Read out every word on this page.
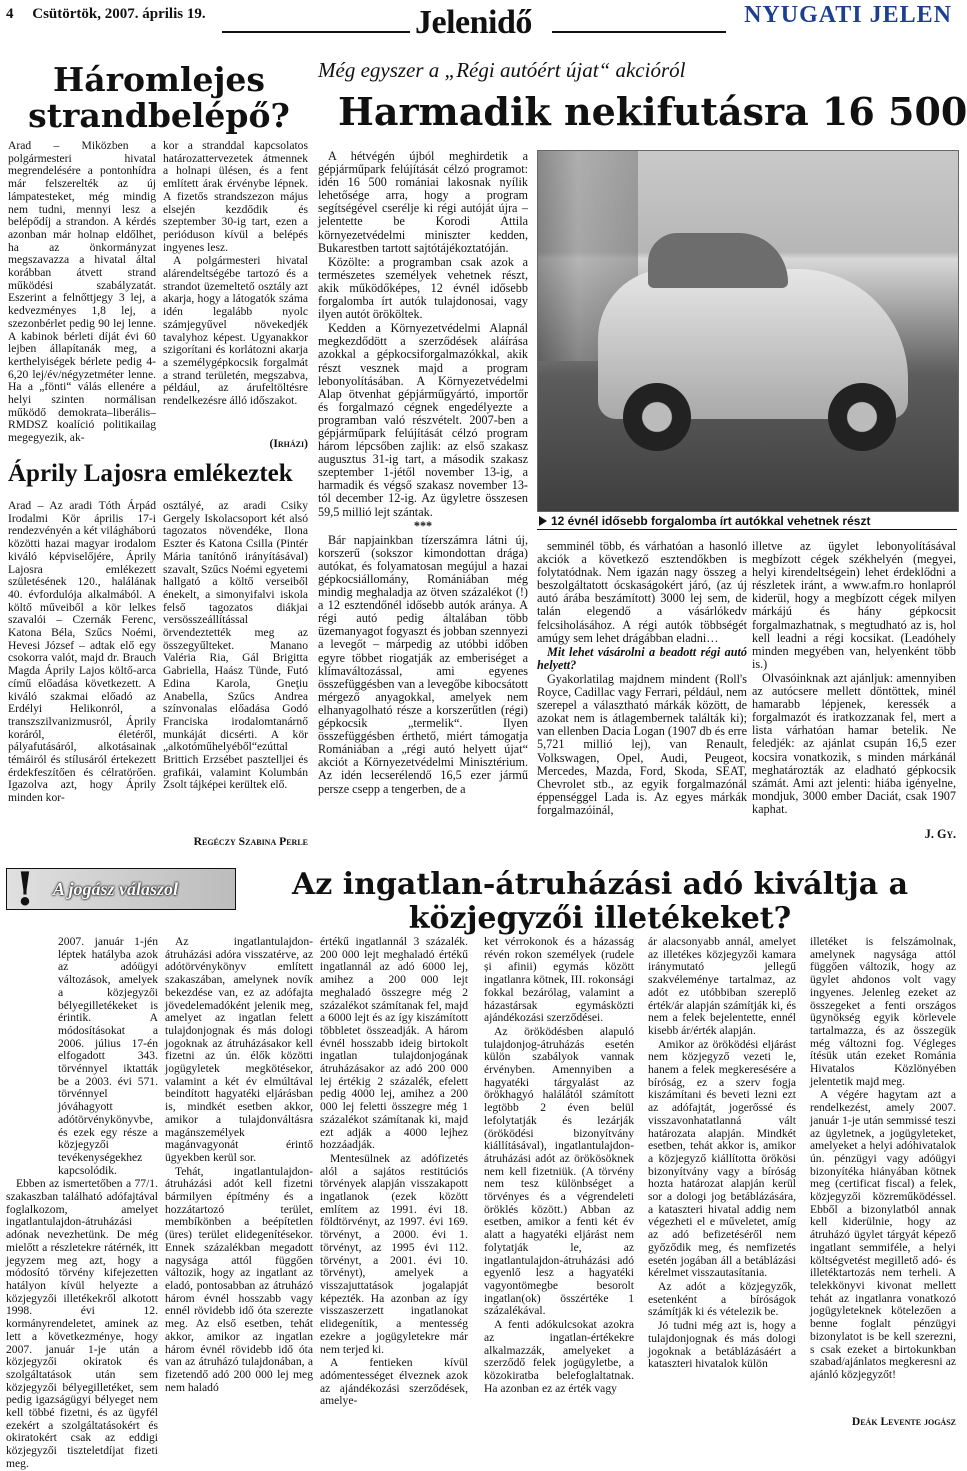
4 Csütörtök, 2007. április 19.	Jelenidő	NYUGATI JELEN
Háromlejes strandbelépő?

Arad – Miközben a polgármesteri hivatal megrendelésére a pontonhídra már felszerelték az új lámpatesteket, még mindig nem tudni, mennyi lesz a belépődíj a strandon. A kérdés azonban már holnap eldőlhet, ha az önkormányzat megszavazza a hivatal által korábban átvett strand működési szabályzatát. Eszerint a felnőttjegy 3 lej, a kedvezményes 1,8 lej, a szezonbérlet pedig 90 lej lenne. A kabinok bérleti díját évi 60 lejben állapítanák meg, a kerthelyiségek bérlete pedig 4-6,20 lej/év/négyzetméter lenne. Ha a „fönti“ válás ellenére a helyi szinten normálisan működő demokrata–liberális–RMDSZ koalíció politikailag megegyezik, ak-

kor a stranddal kapcsolatos határozattervezetek átmennek a holnapi ülésen, és a fent említett árak érvénybe lépnek. A fizetős strandszezon május elsején kezdődik és szeptember 30-ig tart, ezen a perióduson kívül a belépés ingyenes lesz.

A polgármesteri hivatal alárendeltségébe tartozó és a strandot üzemeltető osztály azt akarja, hogy a látogatók száma idén legalább nyolc számjegyűvel növekedjék tavalyhoz képest. Ugyanakkor szigorítani és korlátozni akarja a személygépkocsik forgalmát a strand területén, megszabva, például, az árufeltöltésre rendelkezésre álló időszakot.

(Irházi)

Áprily Lajosra emlékeztek

Arad – Az aradi Tóth Árpád Irodalmi Kör április 17-i rendezvényén a két világháború közötti hazai magyar irodalom kiváló képviselőjére, Áprily Lajosra emlékezett születésének 120., halálának 40. évfordulója alkalmából. A költő műveiből a kör lelkes szavalói – Czernák Ferenc, Katona Béla, Szűcs Noémi, Hevesi József – adtak elő egy csokorra valót, majd dr. Brauch Magda Áprily Lajos költő-arca című előadása következett. A kiváló szakmai előadó az Erdélyi Helikonról, a transzszilvanizmusról, Áprily koráról, életéről, pályafutásáról, alkotásainak témáiról és stílusáról értekezett érdekfeszítően és célratörően. Igazolva azt, hogy Áprily minden kor-

osztályé, az aradi Csiky Gergely Iskolacsoport két alsó tagozatos növendéke, Ilona Eszter és Katona Csilla (Pintér Mária tanítónő irányításával) szavalt, Szűcs Noémi egyetemi hallgató a költő verseiből énekelt, a simonyifalvi iskola felső tagozatos diákjai versösszeállítással örvendeztették meg az összegyűlteket. Manano Valéria Ria, Gál Brigitta Gabriella, Haász Tünde, Futó Edina Karola, Gneţiu Anabella, Szűcs Andrea színvonalas előadása Godó Franciska irodalomtanárnő munkáját dicsérti. A kör „alkotóműhelyéből“ezúttal Brittich Erzsébet pasztelljei és grafikái, valamint Kolumbán Zsolt tájképei kerültek elő.

Regéczy Szabina Perle

Még egyszer a „Régi autóért újat“ akcióról
Harmadik nekifutásra 16 500

A hétvégén újból meghirdetik a gépjárműpark felújítását célzó programot: idén 16 500 romániai lakosnak nyílik lehetősége arra, hogy a program segítségével cserélje ki régi autóját újra – jelentette be Korodi Attila környezetvédelmi miniszter kedden, Bukarestben tartott sajtótájékoztatóján.

Közölte: a programban csak azok a természetes személyek vehetnek részt, akik működőképes, 12 évnél idősebb forgalomba írt autók tulajdonosai, vagy ilyen autót örököltek.

Kedden a Környezetvédelmi Alapnál megkezdődött a szerződések aláírása azokkal a gépkocsiforgalmazókkal, akik részt vesznek majd a program lebonyolításában. A Környezetvédelmi Alap ötvenhat gépjárműgyártó, importőr és forgalmazó cégnek engedélyezte a programban való részvételt. 2007-ben a gépjárműpark felújítását célzó program három lépcsőben zajlik: az első szakasz augusztus 31-ig tart, a második szakasz szeptember 1-jétől november 13-ig, a harmadik és végső szakasz november 13-tól december 12-ig. Az ügyletre összesen 59,5 millió lejt szántak.

***

Bár napjainkban tízerszámra látni új, korszerű (sokszor kimondottan drága) autókat, és folyamatosan megújul a hazai gépkocsiállomány, Romániában még mindig meghaladja az ötven százalékot (!) a 12 esztendőnél idősebb autók aránya. A régi autó pedig általában több üzemanyagot fogyaszt és jobban szennyezi a levegőt – márpedig az utóbbi időben egyre többet riogatják az emberiséget a klímaváltozással, ami egyenes összefüggésben van a levegőbe kibocsátott mérgező anyagokkal, amelyek nem elhanyagolható része a korszerűtlen (régi) gépkocsik „termelik“. Ilyen összefüggésben érthető, miért támogatja Romániában a „régi autó helyett újat“ akciót a Környezetvédelmi Minisztérium. Az idén lecserélendő 16,5 ezer jármű persze csepp a tengerben, de a

12 évnél idősebb forgalomba írt autókkal vehetnek részt

semminél több, és várhatóan a hasonló akciók a következő esztendőkben is folytatódnak. Nem igazán nagy összeg a beszolgáltatott ócskaságokért járó, (az új autó árába beszámított) 3000 lej sem, de talán elegendő a vásárlókedv felcsiholásához. A régi autók többségét amúgy sem lehet drágábban eladni…

Mit lehet vásárolni a beadott régi autó helyett?

Gyakorlatilag majdnem mindent (Roll's Royce, Cadillac vagy Ferrari, például, nem szerepel a választható márkák között, de azokat nem is átlagembernek találták ki); van ellenben Dacia Logan (1907 db és erre 5,721 millió lej), van Renault, Volkswagen, Opel, Audi, Peugeot, Mercedes, Mazda, Ford, Skoda, SEAT, Chevrolet stb., az egyik forgalmazónál éppenséggel Lada is. Az egyes márkák forgalmazóinál,

illetve az ügylet lebonyolításával megbízott cégek székhelyén (megyei, helyi kirendeltségein) lehet érdeklődni a részletek iránt, a www.afm.ro honlapról kiderül, hogy a megbízott cégek milyen márkájú és hány gépkocsit forgalmazhatnak, s megtudható az is, hol kell leadni a régi kocsikat. (Leadóhely minden megyében van, helyenként több is.)

Olvasóinknak azt ajánljuk: amennyiben az autócsere mellett döntöttek, minél hamarabb lépjenek, keressék a forgalmazót és iratkozzanak fel, mert a lista várhatóan hamar betelik. Ne feledjék: az ajánlat csupán 16,5 ezer kocsira vonatkozik, s minden márkánál meghatározták az eladható gépkocsik számát. Ami azt jelenti: hiába igényelne, mondjuk, 3000 ember Daciát, csak 1907 kaphat.

J. Gy.

! A jogász válaszol	Az ingatlan-átruházási adó kiváltja a közjegyzői illetékeket?

2007. január 1-jén léptek hatályba azok az adóügyi változások, amelyek a közjegyzői bélyegilletékeket is érintik. A módosításokat a 2006. július 17-én elfogadott 343. törvénnyel iktatták be a 2003. évi 571. törvénnyel jóváhagyott adótörvénykönyvbe, és ezek egy része a közjegyzői tevékenységekhez kapcsolódik.

Ebben az ismertetőben a 77/1. szakaszban található adófajtával foglalkozom, amelyet ingatlantulajdon-átruházási adónak nevezhetünk. De még mielőtt a részletekre rátérnék, itt jegyzem meg azt, hogy a módosító törvény kifejezetten hatályon kívül helyezte a közjegyzői illetékekről alkotott 1998. évi 12. kormányrendeletet, aminek az lett a következménye, hogy 2007. január 1-je után a közjegyzői okiratok és szolgáltatások után sem közjegyzői bélyegilletéket, sem pedig igazságügyi bélyeget nem kell többé fizetni, és az ügyfél ezekért a szolgáltatásokért és okiratokért csak az eddigi közjegyzői tiszteletdíjat fizeti meg.

Az ingatlantulajdon-átruházási adóra visszatérve, az adótörvénykönyv említett szakaszában, amelynek novík bekezdése van, ez az adófajta jövedelemadóként jelenik meg, amelyet az ingatlan felett tulajdonjognak és más dologi jogoknak az átruházásakor kell fizetni az ún. élők közötti jogügyletek megkötésekor, valamint a két év elmúltával beindított hagyatéki eljárásban is, mindkét esetben akkor, amikor a tulajdonváltásra magánszemélyek magánvagyonát érintő ügyekben kerül sor.

Tehát, ingatlantulajdon-átruházási adót kell fizetni bármilyen építmény és a hozzátartozó terület, membíkönben a beépítetlen (üres) terület elidegenítésekor. Ennek százalékban megadott nagysága attól függően változik, hogy az ingatlant az eladó, pontosabban az átruházó három évnél hosszabb vagy ennél rövidebb idő óta szerezte meg. Az első esetben, tehát akkor, amikor az ingatlan három évnél rövidebb idő óta van az átruházó tulajdonában, a fizetendő adó 200 000 lej meg nem haladó

értékű ingatlannál 3 százalék. 200 000 lejt meghaladó értékű ingatlannál az adó 6000 lej, amihez a 200 000 lejt meghaladó összegre még 2 százalékot számítanak fel, majd a 6000 lejt és az így kiszámított többletet összeadják. A három évnél hosszabb ideig birtokolt ingatlan tulajdonjogának átruházásakor az adó 200 000 lej értékig 2 százalék, efelett pedig 4000 lej, amihez a 200 000 lej feletti összegre még 1 százalékot számítanak ki, majd ezt adják a 4000 lejhez hozzáadják.

Mentesülnek az adófizetés alól a sajátos restitúciós törvények alapján visszakapott ingatlanok (ezek között említem az 1991. évi 18. földtörvényt, az 1997. évi 169. törvényt, a 2000. évi 1. törvényt, az 1995 évi 112. törvényt, a 2001. évi 10. törvényt), amelyek a visszajuttatások jogalapját képezték. Ha azonban az így visszaszerzett ingatlanokat elidegenítik, a mentesség ezekre a jogügyletekre már nem terjed ki.

A fentieken kívül adómentességet élveznek azok az ajándékozási szerződések, amelye-

ket vérrokonok és a házasság révén rokon személyek (rudele și afinii) egymás között ingatlanra kötnek, III. rokonsági fokkal bezárólag, valamint a házastársak egymásközti ajándékozási szerződései.

Az öröködésben alapuló tulajdonjog-átruházás esetén külön szabályok vannak érvényben. Amennyiben a hagyatéki tárgyalást az örökhagyó halálától számított legtöbb 2 éven belül lefolytatják és lezárják (öröködési bizonyítvány kiállításával), ingatlantulajdon-átruházási adót az örökösöknek nem kell fizetniük. (A törvény nem tesz különbséget a törvényes és a végrendeleti öröklés között.) Abban az esetben, amikor a fenti két év alatt a hagyatéki eljárást nem folytatják le, az ingatlantulajdon-átruházási adó egyenlő lesz a hagyatéki vagyontömegbe besorolt ingatlan(ok) összértéke 1 százalékával.

A fenti adókulcsokat azokra az ingatlan-értékekre alkalmazzák, amelyeket a szerződő felek jogügyletbe, a közokiratba belefoglaltatnak. Ha azonban ez az érték vagy

ár alacsonyabb annál, amelyet az illetékes közjegyzői kamara iránymutató jellegű szakvéleménye tartalmaz, az adót ez utóbbiban szereplő érték/ár alapján számítják ki, és nem a felek bejelentette, ennél kisebb ár/érték alapján.

Amikor az öröködési eljárást nem közjegyző vezeti le, hanem a felek megkeresésére a bíróság, ez a szerv fogja kiszámítani és beveti lezni ezt az adófajtát, jogerőssé és visszavonhatatlanná vált határozata alapján. Mindkét esetben, tehát akkor is, amikor a közjegyző kiállította örökösi bizonyítvány vagy a bíróság hozta határozat alapján kerül sor a dologi jog betáblázására, a kataszteri hivatal addig nem végezheti el e műveletet, amíg az adó befizetéséről nem győződik meg, és nemfizetés esetén jogában áll a betáblázási kérelmet visszautasítania.

Az adót a közjegyzők, esetenként a bíróságok számítják ki és vételezik be.

Jó tudni még azt is, hogy a tulajdonjognak és más dologi jogoknak a betáblázásáért a kataszteri hivatalok külön

illetéket is felszámolnak, amelynek nagysága attól függően változik, hogy az ügylet ahdonos volt vagy ingyenes. Jelenleg ezeket az összegeket a fenti országos ügynökség egyik körlevele tartalmazza, és az összegük még változni fog. Végleges ítésük után ezeket Románia Hivatalos Közlönyében jelentetik majd meg.

A végére hagytam azt a rendelkezést, amely 2007. január 1-je után semmissé teszi az ügyletnek, a jogügyleteket, amelyeket a helyi adóhivatalok ún. pénzügyi vagy adóügyi bizonyítéka hiányában kötnek meg (certificat fiscal) a felek, közjegyzői közreműködéssel. Ebből a bizonylatból annak kell kiderülnie, hogy az átruházó ügylet tárgyát képező ingatlant semmiféle, a helyi költségvetést megillető adó- és illetéktartozás nem terheli. A telekkönyvi kivonat mellett tehát az ingatlanra vonatkozó jogügyleteknek kötelezően a benne foglalt pénzügyi bizonylatot is be kell szerezni, s csak ezeket a birtokunkban szabad/ajánlatos megkeresni az ajánló közjegyzőt!

Deák Levente jogász
